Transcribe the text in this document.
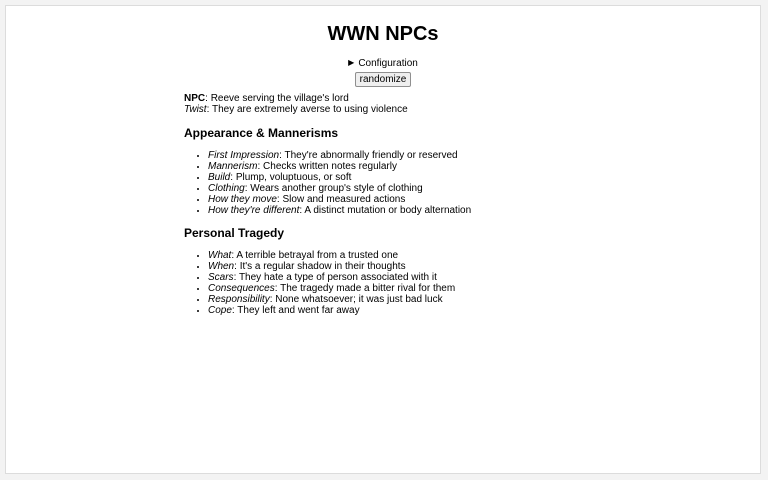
WWN NPCs
▶ Configuration
randomize

NPC: Reeve serving the village's lord

Twist: They are extremely averse to using violence

Appearance & Mannerisms
• First Impression: They're abnormally friendly or reserved
• Mannerism: Checks written notes regularly
• Build: Plump, voluptuous, or soft
• Clothing: Wears another group's style of clothing
• How they move: Slow and measured actions
• How they're different: A distinct mutation or body alternation
Personal Tragedy
• What: A terrible betrayal from a trusted one
• When: It's a regular shadow in their thoughts
• Scars: They hate a type of person associated with it
• Consequences: The tragedy made a bitter rival for them
• Responsibility: None whatsoever; it was just bad luck
• Cope: They left and went far away
